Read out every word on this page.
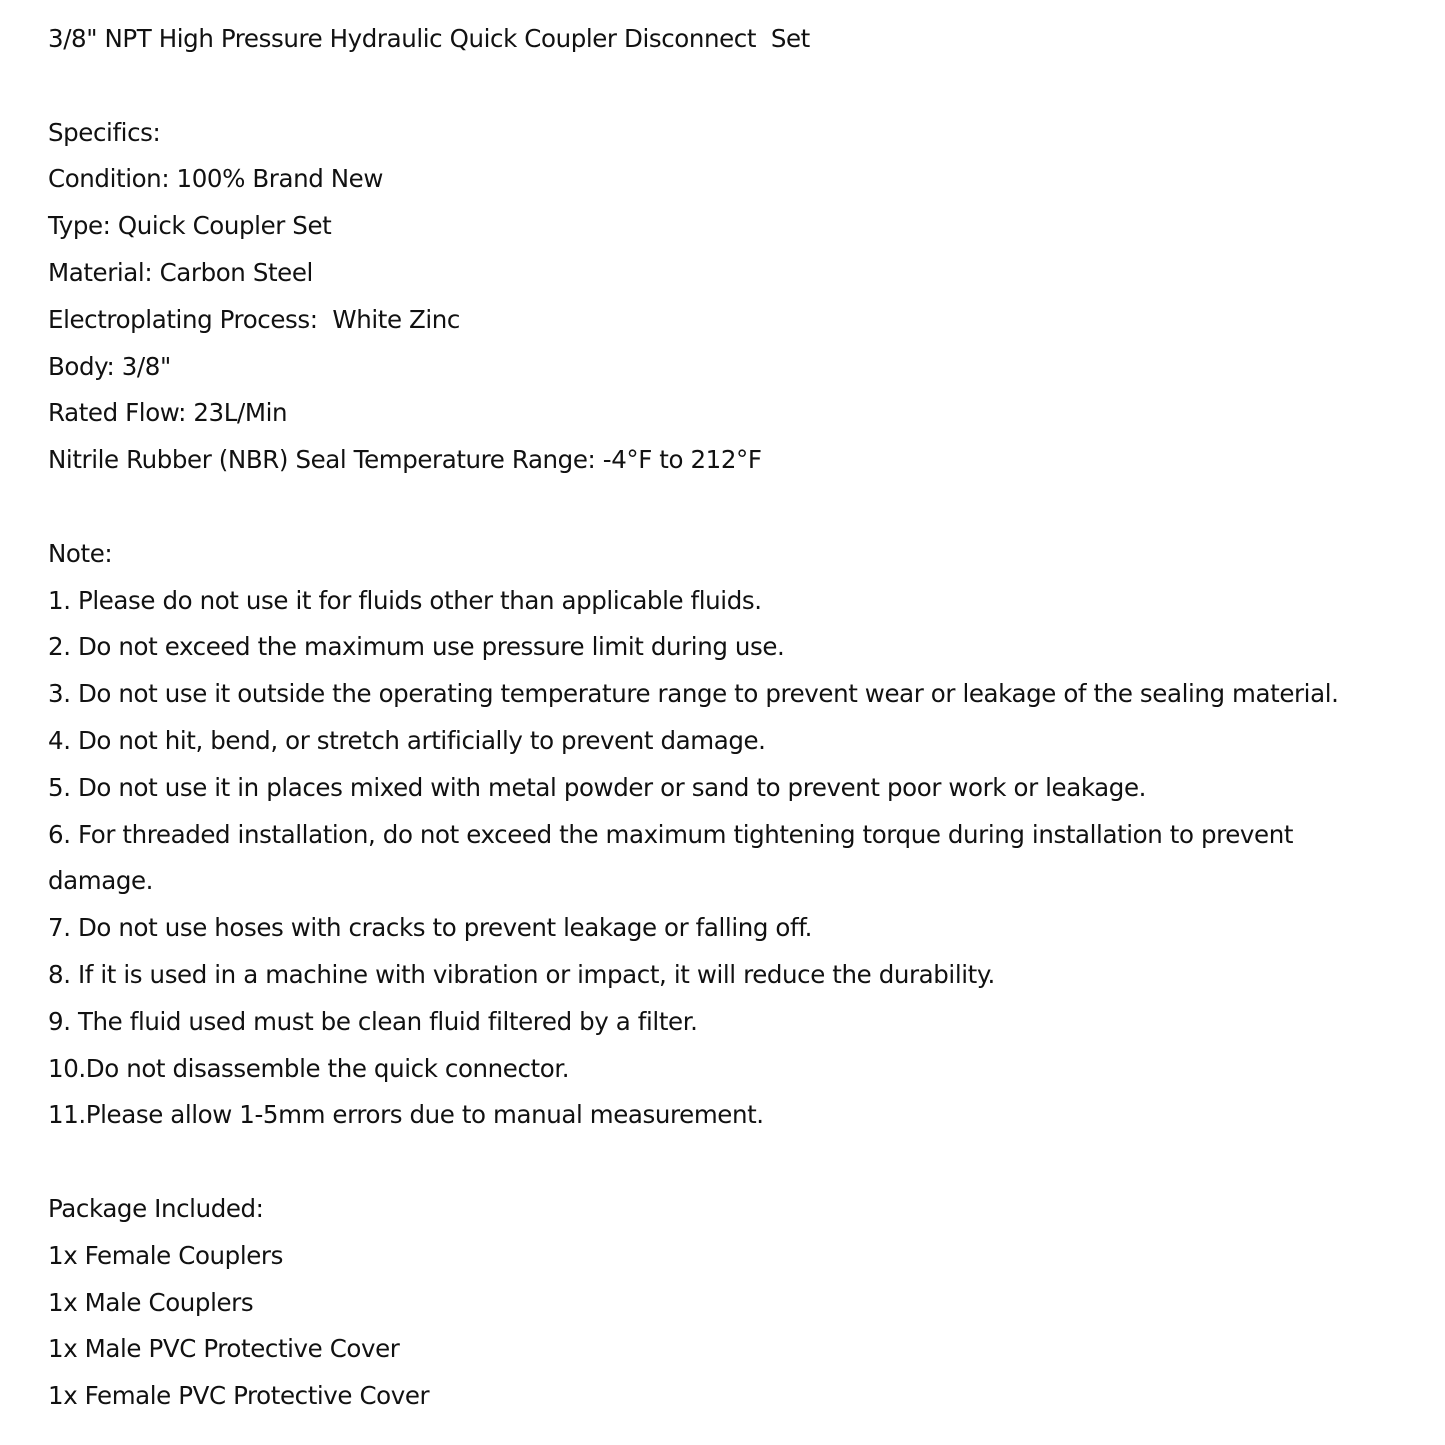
3/8" NPT High Pressure Hydraulic Quick Coupler Disconnect  Set
Specifics:
Condition: 100% Brand New
Type: Quick Coupler Set
Material: Carbon Steel
Electroplating Process:  White Zinc
Body: 3/8"
Rated Flow: 23L/Min
Nitrile Rubber (NBR) Seal Temperature Range: -4°F to 212°F
Note:
1. Please do not use it for fluids other than applicable fluids.
2. Do not exceed the maximum use pressure limit during use.
3. Do not use it outside the operating temperature range to prevent wear or leakage of the sealing material.
4. Do not hit, bend, or stretch artificially to prevent damage.
5. Do not use it in places mixed with metal powder or sand to prevent poor work or leakage.
6. For threaded installation, do not exceed the maximum tightening torque during installation to prevent
damage.
7. Do not use hoses with cracks to prevent leakage or falling off.
8. If it is used in a machine with vibration or impact, it will reduce the durability.
9. The fluid used must be clean fluid filtered by a filter.
10.Do not disassemble the quick connector.
11.Please allow 1-5mm errors due to manual measurement.
Package Included:
1x Female Couplers
1x Male Couplers
1x Male PVC Protective Cover
1x Female PVC Protective Cover
